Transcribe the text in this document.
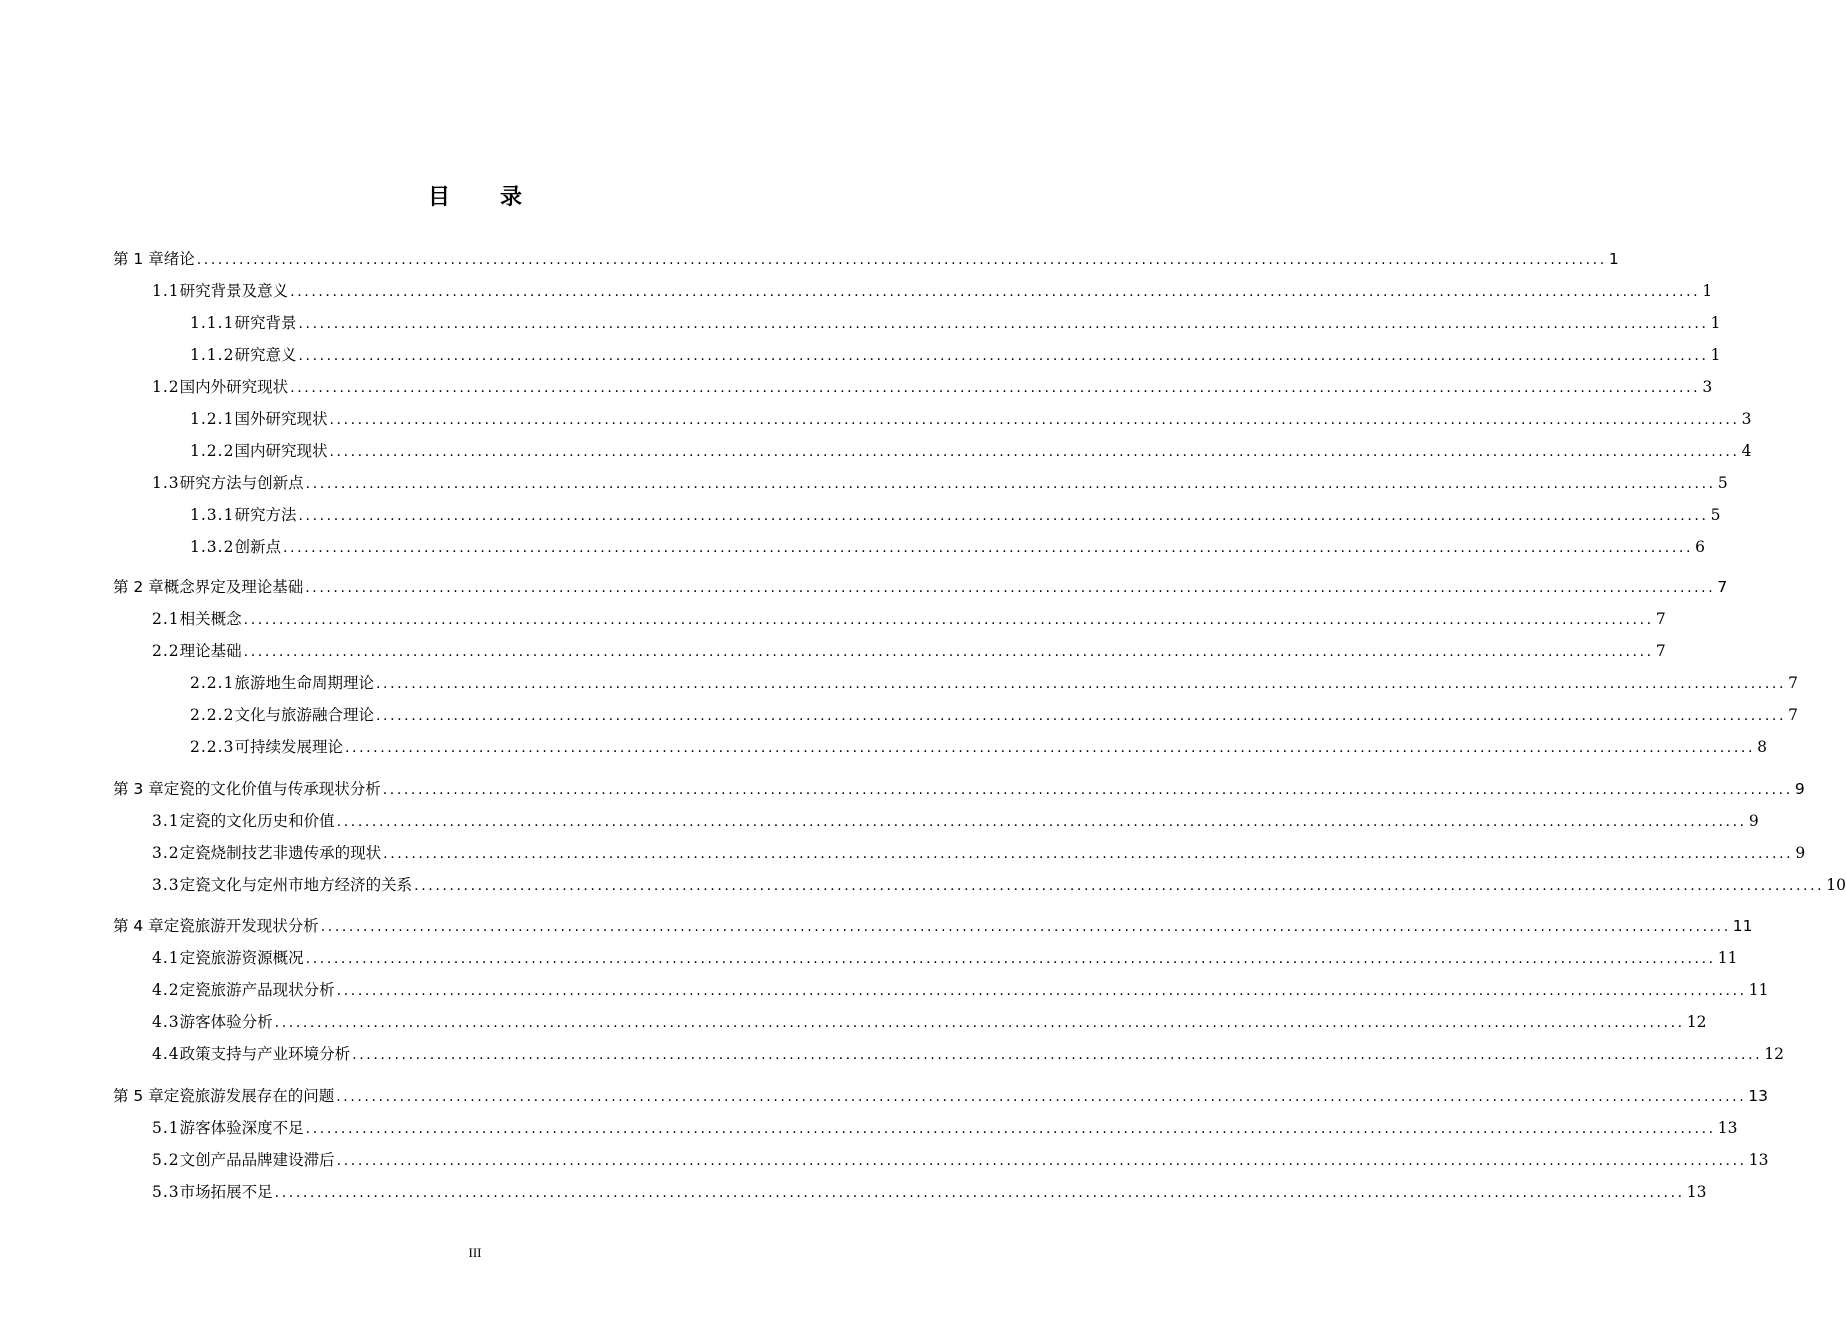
目 录
第 1 章 绪论 ........................................................................................................................................................................................................ 1
1.1 研究背景及意义 ........................................................................................................................................................................................................ 1
1.1.1 研究背景 ........................................................................................................................................................................................................ 1
1.1.2 研究意义 ........................................................................................................................................................................................................ 1
1.2 国内外研究现状 ........................................................................................................................................................................................................ 3
1.2.1 国外研究现状 ........................................................................................................................................................................................................ 3
1.2.2 国内研究现状 ........................................................................................................................................................................................................ 4
1.3 研究方法与创新点 ........................................................................................................................................................................................................ 5
1.3.1 研究方法 ........................................................................................................................................................................................................ 5
1.3.2 创新点 ........................................................................................................................................................................................................ 6
第 2 章 概念界定及理论基础 ........................................................................................................................................................................................................ 7
2.1 相关概念 ........................................................................................................................................................................................................ 7
2.2 理论基础 ........................................................................................................................................................................................................ 7
2.2.1 旅游地生命周期理论 ........................................................................................................................................................................................................ 7
2.2.2 文化与旅游融合理论 ........................................................................................................................................................................................................ 7
2.2.3 可持续发展理论 ........................................................................................................................................................................................................ 8
第 3 章 定瓷的文化价值与传承现状分析 ........................................................................................................................................................................................................ 9
3.1 定瓷的文化历史和价值 ........................................................................................................................................................................................................ 9
3.2 定瓷烧制技艺非遗传承的现状 ........................................................................................................................................................................................................ 9
3.3 定瓷文化与定州市地方经济的关系 ........................................................................................................................................................................................................ 10
第 4 章 定瓷旅游开发现状分析 ........................................................................................................................................................................................................ 11
4.1 定瓷旅游资源概况 ........................................................................................................................................................................................................ 11
4.2 定瓷旅游产品现状分析 ........................................................................................................................................................................................................ 11
4.3 游客体验分析 ........................................................................................................................................................................................................ 12
4.4 政策支持与产业环境分析 ........................................................................................................................................................................................................ 12
第 5 章 定瓷旅游发展存在的问题 ........................................................................................................................................................................................................ 13
5.1 游客体验深度不足 ........................................................................................................................................................................................................ 13
5.2 文创产品品牌建设滞后 ........................................................................................................................................................................................................ 13
5.3 市场拓展不足 ........................................................................................................................................................................................................ 13
III
